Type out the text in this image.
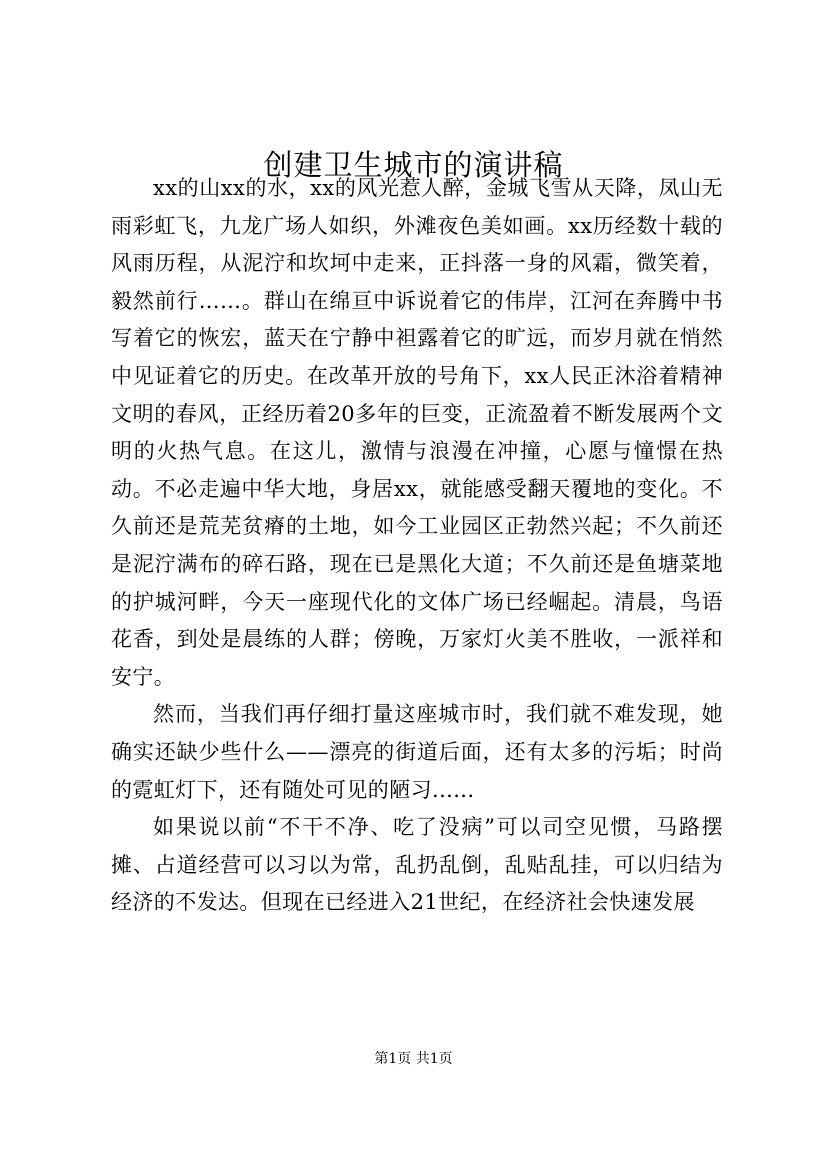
创建卫生城市的演讲稿

xx的山xx的水，xx的风光惹人醉，金城飞雪从天降，凤山无雨彩虹飞，九龙广场人如织，外滩夜色美如画。xx历经数十载的风雨历程，从泥泞和坎坷中走来，正抖落一身的风霜，微笑着，毅然前行……。群山在绵亘中诉说着它的伟岸，江河在奔腾中书写着它的恢宏，蓝天在宁静中袒露着它的旷远，而岁月就在悄然中见证着它的历史。在改革开放的号角下，xx人民正沐浴着精神文明的春风，正经历着20多年的巨变，正流盈着不断发展两个文明的火热气息。在这儿，激情与浪漫在冲撞，心愿与憧憬在热动。不必走遍中华大地，身居xx，就能感受翻天覆地的变化。不久前还是荒芜贫瘠的土地，如今工业园区正勃然兴起；不久前还是泥泞满布的碎石路，现在已是黑化大道；不久前还是鱼塘菜地的护城河畔，今天一座现代化的文体广场已经崛起。清晨，鸟语花香，到处是晨练的人群；傍晚，万家灯火美不胜收，一派祥和安宁。

然而，当我们再仔细打量这座城市时，我们就不难发现，她确实还缺少些什么——漂亮的街道后面，还有太多的污垢；时尚的霓虹灯下，还有随处可见的陋习......

如果说以前“不干不净、吃了没病”可以司空见惯，马路摆摊、占道经营可以习以为常，乱扔乱倒，乱贴乱挂，可以归结为经济的不发达。但现在已经进入21世纪，在经济社会快速发展

第1页 共1页
